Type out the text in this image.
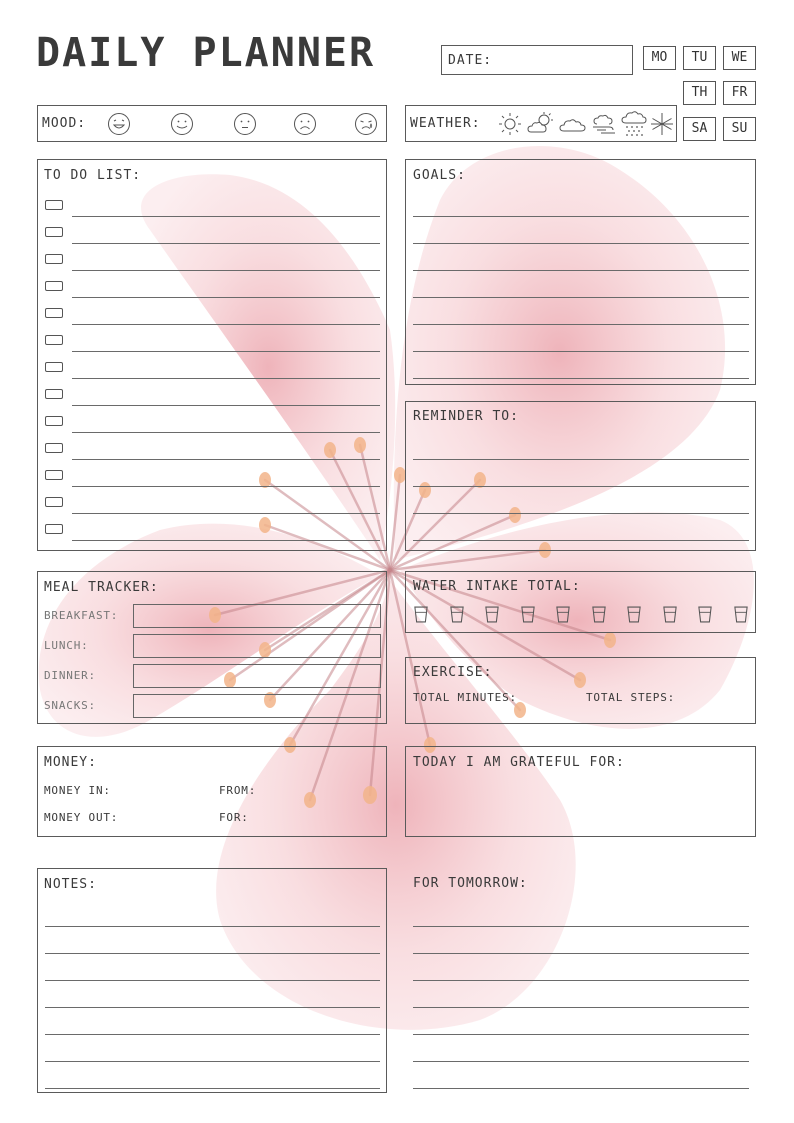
DAILY PLANNER	DATE:	MO	TU	WE
TH	FR
SA	SU
MOOD:	WEATHER:
TO DO LIST:	GOALS:
REMINDER TO:
MEAL TRACKER:
BREAKFAST:
LUNCH:
DINNER:
SNACKS:
WATER INTAKE TOTAL:
EXERCISE:
TOTAL MINUTES:	TOTAL STEPS:
MONEY:
MONEY IN:	FROM:
MONEY OUT:	FOR:
TODAY I AM GRATEFUL FOR:
NOTES:	FOR TOMORROW:
